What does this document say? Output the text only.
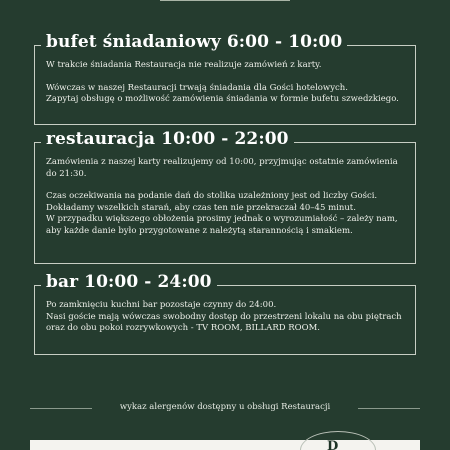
bufet śniadaniowy 6:00 - 10:00

W trakcie śniadania Restauracja nie realizuje zamówień z karty.

Wówczas w naszej Restauracji trwają śniadania dla Gości hotelowych.
Zapytaj obsługę o możliwość zamówienia śniadania w formie bufetu szwedzkiego.

restauracja 10:00 - 22:00

Zamówienia z naszej karty realizujemy od 10:00, przyjmując ostatnie zamówienia
do 21:30.

Czas oczekiwania na podanie dań do stolika uzależniony jest od liczby Gości.
Dokładamy wszelkich starań, aby czas ten nie przekraczał 40–45 minut.
W przypadku większego obłożenia prosimy jednak o wyrozumiałość – zależy nam,
aby każde danie było przygotowane z należytą starannością i smakiem.

bar 10:00 - 24:00

Po zamknięciu kuchni bar pozostaje czynny do 24:00.
Nasi goście mają wówczas swobodny dostęp do przestrzeni lokalu na obu piętrach
oraz do obu pokoi rozrywkowych - TV ROOM, BILLARD ROOM.

wykaz alergenów dostępny u obsługi Restauracji
D
